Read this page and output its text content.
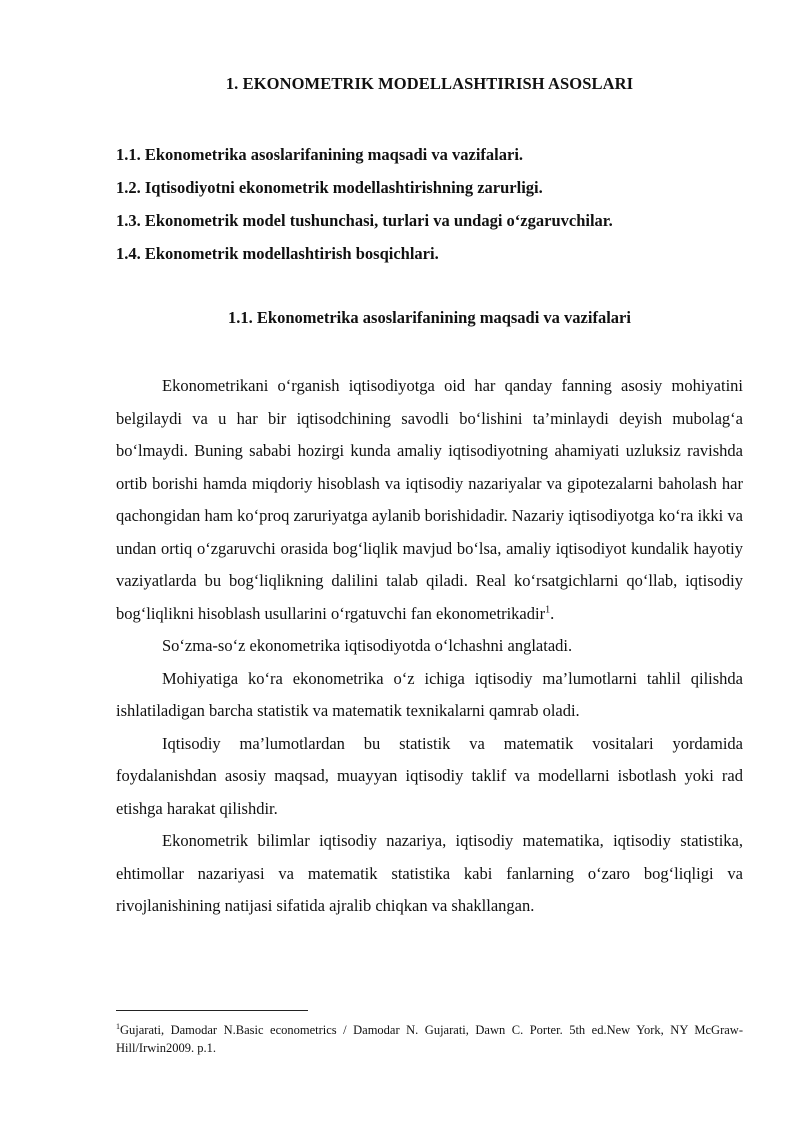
1. EKONOMETRIK MODELLASHTIRISH ASOSLARI
1.1. Ekonometrika asoslarifanining maqsadi va vazifalari.
1.2. Iqtisodiyotni ekonometrik modellashtirishning zarurligi.
1.3. Ekonometrik model tushunchasi, turlari va undagi o‘zgaruvchilar.
1.4. Ekonometrik modellashtirish bosqichlari.
1.1. Ekonometrika asoslarifanining maqsadi va vazifalari

Ekonometrikani o‘rganish iqtisodiyotga oid har qanday fanning asosiy mohiyatini belgilaydi va u har bir iqtisodchining savodli bo‘lishini ta’minlaydi deyish mubolag‘a bo‘lmaydi. Buning sababi hozirgi kunda amaliy iqtisodiyotning ahamiyati uzluksiz ravishda ortib borishi hamda miqdoriy hisoblash va iqtisodiy nazariyalar va gipotezalarni baholash har qachongidan ham ko‘proq zaruriyatga aylanib borishidadir. Nazariy iqtisodiyotga ko‘ra ikki va undan ortiq o‘zgaruvchi orasida bog‘liqlik mavjud bo‘lsa, amaliy iqtisodiyot kundalik hayotiy vaziyatlarda bu bog‘liqlikning dalilini talab qiladi. Real ko‘rsatgichlarni qo‘llab, iqtisodiy bog‘liqlikni hisoblash usullarini o‘rgatuvchi fan ekonometrikadir$^1$.

So‘zma-so‘z ekonometrika iqtisodiyotda o‘lchashni anglatadi.

Mohiyatiga ko‘ra ekonometrika o‘z ichiga iqtisodiy ma’lumotlarni tahlil qilishda ishlatiladigan barcha statistik va matematik texnikalarni qamrab oladi.

Iqtisodiy ma’lumotlardan bu statistik va matematik vositalari yordamida foydalanishdan asosiy maqsad, muayyan iqtisodiy taklif va modellarni isbotlash yoki rad etishga harakat qilishdir.

Ekonometrik bilimlar iqtisodiy nazariya, iqtisodiy matematika, iqtisodiy statistika, ehtimollar nazariyasi va matematik statistika kabi fanlarning o‘zaro bog‘liqligi va rivojlanishining natijasi sifatida ajralib chiqkan va shakllangan.

$^1$Gujarati, Damodar N.Basic econometrics / Damodar N. Gujarati, Dawn C. Porter. 5th ed.New York, NY McGraw-Hill/Irwin2009. p.1.
